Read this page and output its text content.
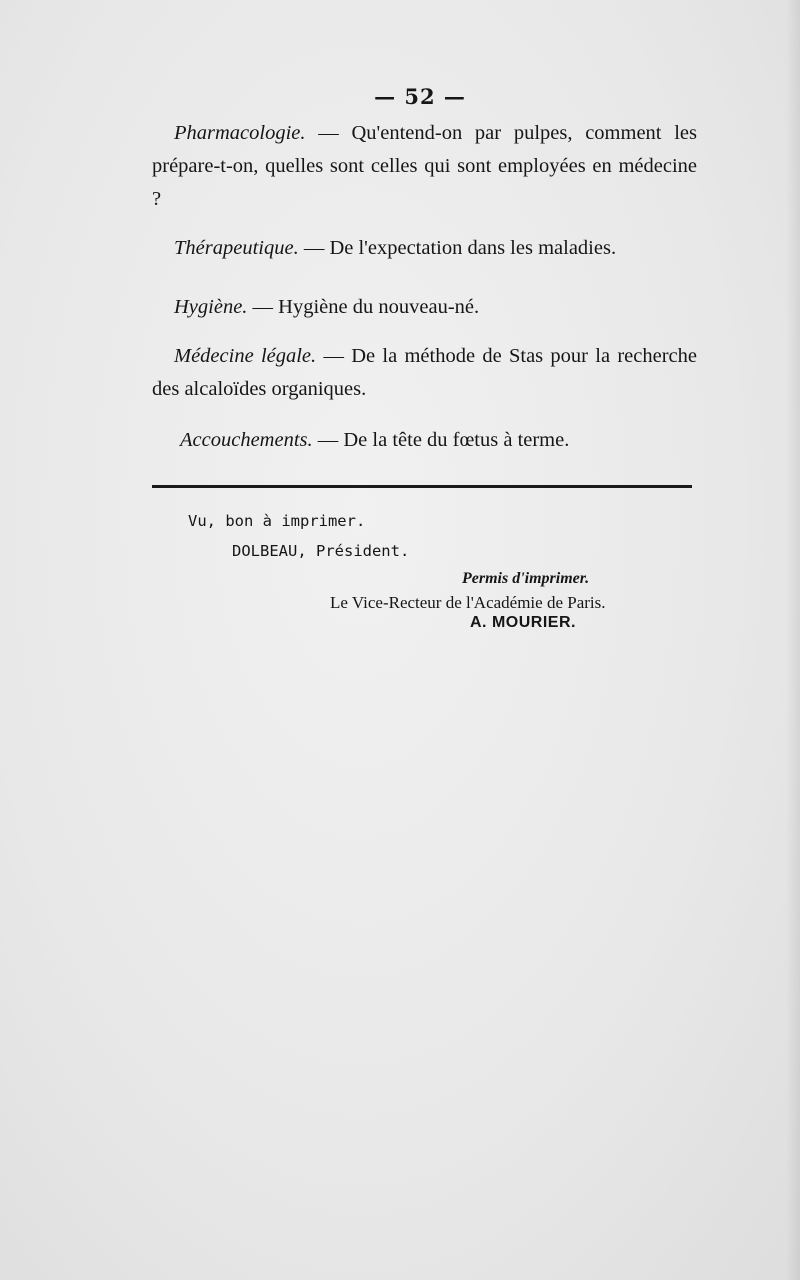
— 52 —

Pharmacologie. — Qu'entend-on par pulpes, comment les prépare-t-on, quelles sont celles qui sont employées en médecine ?

Thérapeutique. — De l'expectation dans les maladies.

Hygiène. — Hygiène du nouveau-né.

Médecine légale. — De la méthode de Stas pour la recherche des alcaloïdes organiques.

Accouchements. — De la tête du fœtus à terme.

Vu, bon à imprimer.
DOLBEAU, Président.
Permis d'imprimer.
Le Vice-Recteur de l'Académie de Paris.
A. MOURIER.
